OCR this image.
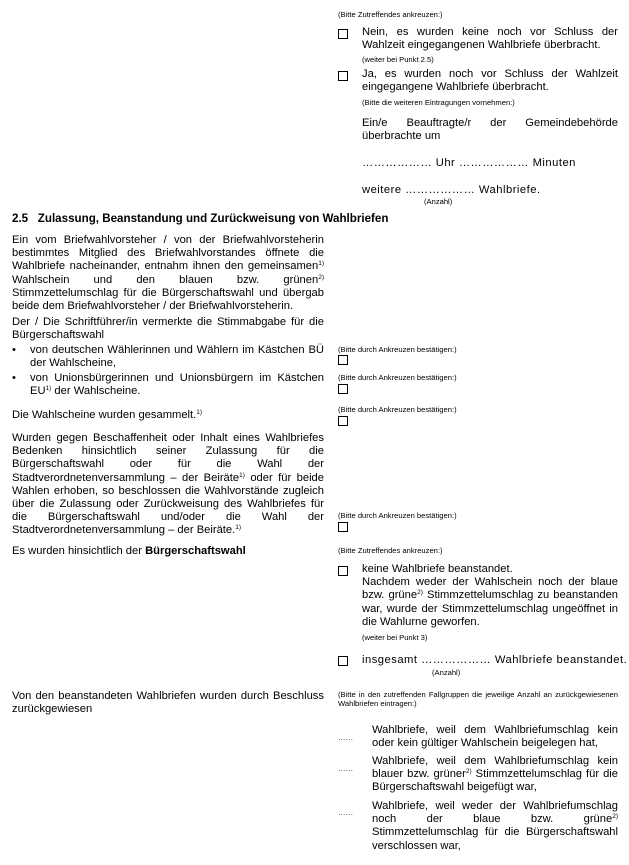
(Bitte Zutreffendes ankreuzen:)
Nein, es wurden keine noch vor Schluss der Wahlzeit eingegangenen Wahlbriefe überbracht.
(weiter bei Punkt 2.5)
Ja, es wurden noch vor Schluss der Wahlzeit eingegangene Wahlbriefe überbracht.
(Bitte die weiteren Eintragungen vornehmen:)
Ein/e Beauftragte/r der Gemeindebehörde überbrachte um
……………… Uhr ……………… Minuten
weitere ……………… Wahlbriefe.
(Anzahl)
2.5 Zulassung, Beanstandung und Zurückweisung von Wahlbriefen
Ein vom Briefwahlvorsteher / von der Briefwahlvorsteherin bestimmtes Mitglied des Briefwahlvorstandes öffnete die Wahlbriefe nacheinander, entnahm ihnen den gemeinsamen$^{1)}$ Wahlschein und den blauen bzw. grünen$^{2)}$ Stimmzettelumschlag für die Bürgerschaftswahl und übergab beide dem Briefwahlvorsteher / der Briefwahlvorsteherin.
Der / Die Schriftführer/in vermerkte die Stimmabgabe für die Bürgerschaftswahl
• von deutschen Wählerinnen und Wählern im Kästchen BÜ der Wahlscheine,
• von Unionsbürgerinnen und Unionsbürgern im Kästchen EU$^{1)}$ der Wahlscheine.
Die Wahlscheine wurden gesammelt.$^{1)}$
Wurden gegen Beschaffenheit oder Inhalt eines Wahlbriefes Bedenken hinsichtlich seiner Zulassung für die Bürgerschaftswahl oder für die Wahl der Stadtverordnetenversammlung – der Beiräte$^{1)}$ oder für beide Wahlen erhoben, so beschlossen die Wahlvorstände zugleich über die Zulassung oder Zurückweisung des Wahlbriefes für die Bürgerschaftswahl und/oder die Wahl der Stadtverordnetenversammlung – der Beiräte.$^{1)}$
Es wurden hinsichtlich der Bürgerschaftswahl
Von den beanstandeten Wahlbriefen wurden durch Beschluss zurückgewiesen
(Bitte durch Ankreuzen bestätigen:)
(Bitte durch Ankreuzen bestätigen:)
(Bitte durch Ankreuzen bestätigen:)
(Bitte durch Ankreuzen bestätigen:)
(Bitte Zutreffendes ankreuzen:)
keine Wahlbriefe beanstandet.
Nachdem weder der Wahlschein noch der blaue bzw. grüne$^{2)}$ Stimmzettelumschlag zu beanstanden war, wurde der Stimmzettelumschlag ungeöffnet in die Wahlurne geworfen.
(weiter bei Punkt 3)
insgesamt ……………… Wahlbriefe beanstandet.
(Anzahl)
(Bitte in den zutreffenden Fallgruppen die jeweilige Anzahl an zurückgewiesenen Wahlbriefen eintragen:)
……
Wahlbriefe, weil dem Wahlbriefumschlag kein oder kein gültiger Wahlschein beigelegen hat,
……
Wahlbriefe, weil dem Wahlbriefumschlag kein blauer bzw. grüner$^{2)}$ Stimmzettelumschlag für die Bürgerschaftswahl beigefügt war,
……
Wahlbriefe, weil weder der Wahlbriefumschlag noch der blaue bzw. grüne$^{2)}$ Stimmzettelumschlag für die Bürgerschaftswahl verschlossen war,
